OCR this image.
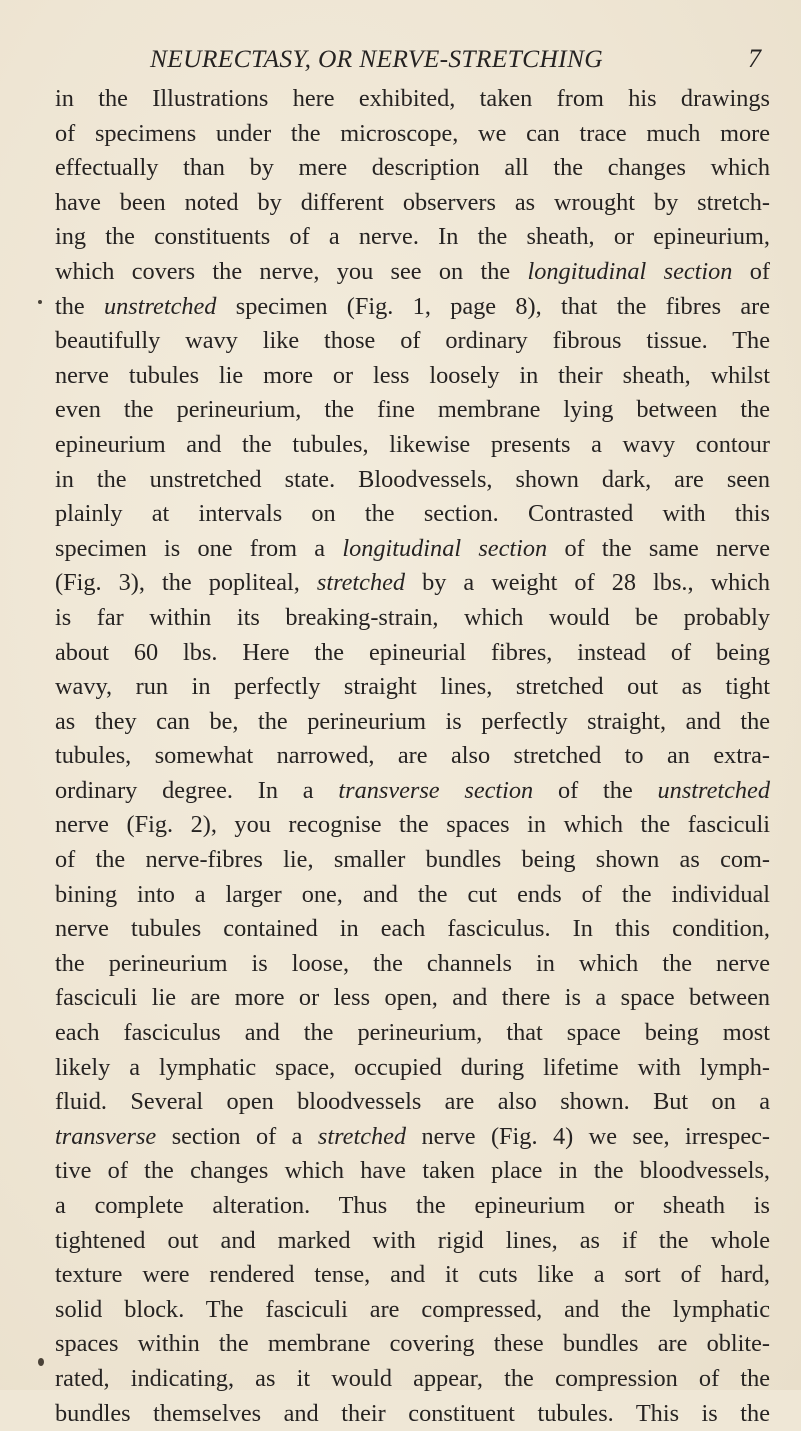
NEURECTASY, OR NERVE-STRETCHING	7
in the Illustrations here exhibited, taken from his drawings
of specimens under the microscope, we can trace much more
effectually than by mere description all the changes which
have been noted by different observers as wrought by stretch-
ing the constituents of a nerve. In the sheath, or epineurium,
which covers the nerve, you see on the longitudinal section of
the unstretched specimen (Fig. 1, page 8), that the fibres are
beautifully wavy like those of ordinary fibrous tissue. The
nerve tubules lie more or less loosely in their sheath, whilst
even the perineurium, the fine membrane lying between the
epineurium and the tubules, likewise presents a wavy contour
in the unstretched state. Bloodvessels, shown dark, are seen
plainly at intervals on the section. Contrasted with this
specimen is one from a longitudinal section of the same nerve
(Fig. 3), the popliteal, stretched by a weight of 28 lbs., which
is far within its breaking-strain, which would be probably
about 60 lbs. Here the epineurial fibres, instead of being
wavy, run in perfectly straight lines, stretched out as tight
as they can be, the perineurium is perfectly straight, and the
tubules, somewhat narrowed, are also stretched to an extra-
ordinary degree. In a transverse section of the unstretched
nerve (Fig. 2), you recognise the spaces in which the fasciculi
of the nerve-fibres lie, smaller bundles being shown as com-
bining into a larger one, and the cut ends of the individual
nerve tubules contained in each fasciculus. In this condition,
the perineurium is loose, the channels in which the nerve
fasciculi lie are more or less open, and there is a space between
each fasciculus and the perineurium, that space being most
likely a lymphatic space, occupied during lifetime with lymph-
fluid. Several open bloodvessels are also shown. But on a
transverse section of a stretched nerve (Fig. 4) we see, irrespec-
tive of the changes which have taken place in the bloodvessels,
a complete alteration. Thus the epineurium or sheath is
tightened out and marked with rigid lines, as if the whole
texture were rendered tense, and it cuts like a sort of hard,
solid block. The fasciculi are compressed, and the lymphatic
spaces within the membrane covering these bundles are oblite-
rated, indicating, as it would appear, the compression of the
bundles themselves and their constituent tubules. This is the
